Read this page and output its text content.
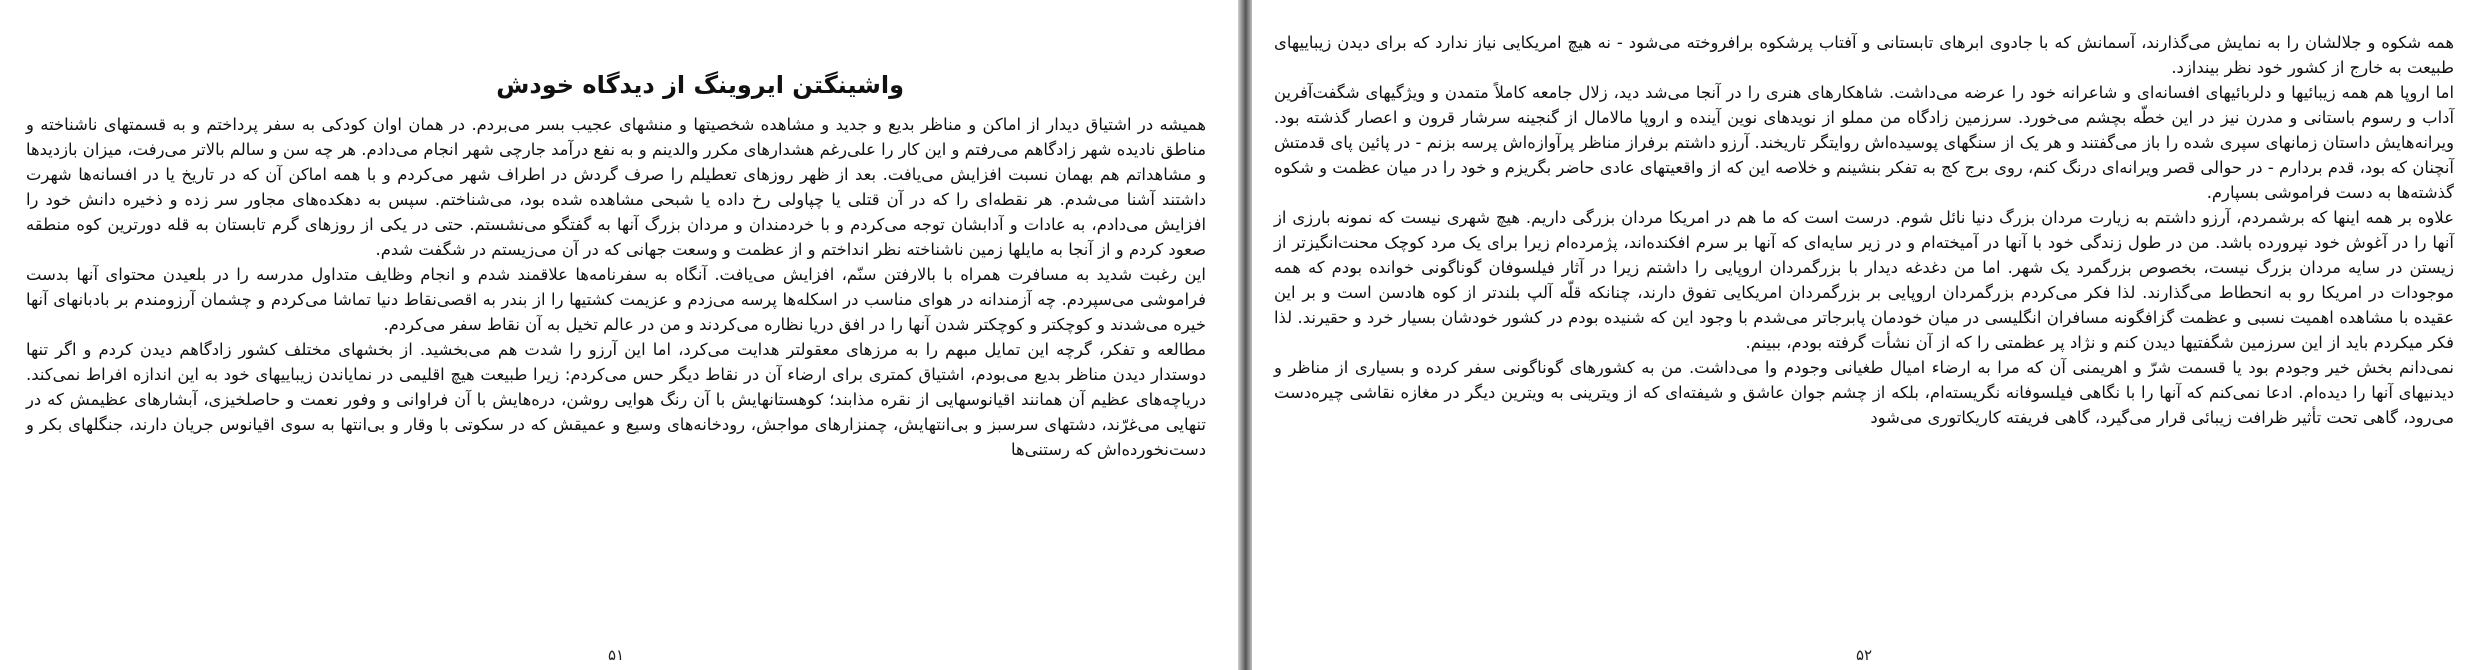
واشینگتن ایروینگ از دیدگاه خودش

همیشه در اشتیاق دیدار از اماکن و مناظر بدیع و جدید و مشاهده شخصیتها و منشهای عجیب بسر می‌بردم. در همان اوان کودکی به سفر پرداختم و به قسمتهای ناشناخته و مناطق نادیده شهر زادگاهم می‌رفتم و این کار را علی‌رغم هشدارهای مکرر والدینم و به نفع درآمد جارچی شهر انجام می‌دادم. هر چه سن و سالم بالاتر می‌رفت، میزان بازدیدها و مشاهداتم هم بهمان نسبت افزایش می‌یافت. بعد از ظهر روزهای تعطیلم را صرف گردش در اطراف شهر می‌کردم و با همه اماکن آن که در تاریخ یا در افسانه‌ها شهرت داشتند آشنا می‌شدم. هر نقطه‌ای را که در آن قتلی یا چپاولی رخ داده یا شبحی مشاهده شده بود، می‌شناختم. سپس به دهکده‌های مجاور سر زده و ذخیره دانش خود را افزایش می‌دادم، به عادات و آدابشان توجه می‌کردم و با خردمندان و مردان بزرگ آنها به گفتگو می‌نشستم. حتی در یکی از روزهای گرم تابستان به قله دورترین کوه منطقه صعود کردم و از آنجا به مایلها زمین ناشناخته نظر انداختم و از عظمت و وسعت جهانی که در آن می‌زیستم در شگفت شدم.

این رغبت شدید به مسافرت همراه با بالارفتن سنّم، افزایش می‌یافت. آنگاه به سفرنامه‌ها علاقمند شدم و انجام وظایف متداول مدرسه را در بلعیدن محتوای آنها بدست فراموشی می‌سپردم. چه آزمندانه در هوای مناسب در اسکله‌ها پرسه می‌زدم و عزیمت کشتیها را از بندر به اقصی‌نقاط دنیا تماشا می‌کردم و چشمان آرزومندم بر بادبانهای آنها خیره می‌شدند و کوچکتر و کوچکتر شدن آنها را در افق دریا نظاره می‌کردند و من در عالم تخیل به آن نقاط سفر می‌کردم.

مطالعه و تفکر، گرچه این تمایل مبهم را به مرزهای معقولتر هدایت می‌کرد، اما این آرزو را شدت هم می‌بخشید. از بخشهای مختلف کشور زادگاهم دیدن کردم و اگر تنها دوستدار دیدن مناظر بدیع می‌بودم، اشتیاق کمتری برای ارضاء آن در نقاط دیگر حس می‌کردم: زیرا طبیعت هیچ اقلیمی در نمایاندن زیباییهای خود به این اندازه افراط نمی‌کند. دریاچه‌های عظیم آن همانند اقیانوسهایی از نقره مذابند؛ کوهستانهایش با آن رنگ هوایی روشن، دره‌هایش با آن فراوانی و وفور نعمت و حاصلخیزی، آبشارهای عظیمش که در تنهایی می‌غرّند، دشتهای سرسبز و بی‌انتهایش، چمنزارهای مواجش، رودخانه‌های وسیع و عمیقش که در سکوتی با وقار و بی‌انتها به سوی اقیانوس جریان دارند، جنگلهای بکر و دست‌نخورده‌اش که رستنی‌ها

۵۱

همه شکوه و جلالشان را به نمایش می‌گذارند، آسمانش که با جادوی ابرهای تابستانی و آفتاب پرشکوه برافروخته می‌شود - نه هیچ امریکایی نیاز ندارد که برای دیدن زیباییهای طبیعت به خارج از کشور خود نظر بیندازد.

اما اروپا هم همه زیبائیها و دلربائیهای افسانه‌ای و شاعرانه خود را عرضه می‌داشت. شاهکارهای هنری را در آنجا می‌شد دید، زلال جامعه کاملاً متمدن و ویژگیهای شگفت‌آفرین آداب و رسوم باستانی و مدرن نیز در این خطّه بچشم می‌خورد. سرزمین زادگاه من مملو از نویدهای نوین آینده و اروپا مالامال از گنجینه سرشار قرون و اعصار گذشته بود. ویرانه‌هایش داستان زمانهای سپری شده را باز می‌گفتند و هر یک از سنگهای پوسیده‌اش روایتگر تاریخند. آرزو داشتم برفراز مناظر پرآوازه‌اش پرسه بزنم - در پائین پای قدمتش آنچنان که بود، قدم بردارم - در حوالی قصر ویرانه‌ای درنگ کنم، روی برج کج به تفکر بنشینم و خلاصه این که از واقعیتهای عادی حاضر بگریزم و خود را در میان عظمت و شکوه گذشته‌ها به دست فراموشی بسپارم.

علاوه بر همه اینها که برشمردم، آرزو داشتم به زیارت مردان بزرگ دنیا نائل شوم. درست است که ما هم در امریکا مردان بزرگی داریم. هیچ شهری نیست که نمونه بارزی از آنها را در آغوش خود نپرورده باشد. من در طول زندگی خود با آنها در آمیخته‌ام و در زیر سایه‌ای که آنها بر سرم افکنده‌اند، پژمرده‌ام زیرا برای یک مرد کوچک محنت‌انگیزتر از زیستن در سایه مردان بزرگ نیست، بخصوص بزرگمرد یک شهر. اما من دغدغه دیدار با بزرگمردان اروپایی را داشتم زیرا در آثار فیلسوفان گوناگونی خوانده بودم که همه موجودات در امریکا رو به انحطاط می‌گذارند. لذا فکر می‌کردم بزرگمردان اروپایی بر بزرگمردان امریکایی تفوق دارند، چنانکه قلّه آلپ بلندتر از کوه هادسن است و بر این عقیده با مشاهده اهمیت نسبی و عظمت گزافگونه مسافران انگلیسی در میان خودمان پابرجاتر می‌شدم با وجود این که شنیده بودم در کشور خودشان بسیار خرد و حقیرند. لذا فکر میکردم باید از این سرزمین شگفتیها دیدن کنم و نژاد پر عظمتی را که از آن نشأت گرفته بودم، ببینم.

نمی‌دانم بخش خیر وجودم بود یا قسمت شرّ و اهریمنی آن که مرا به ارضاء امیال طغیانی وجودم وا می‌داشت. من به کشورهای گوناگونی سفر کرده و بسیاری از مناظر و دیدنیهای آنها را دیده‌ام. ادعا نمی‌کنم که آنها را با نگاهی فیلسوفانه نگریسته‌ام، بلکه از چشم جوان عاشق و شیفته‌ای که از ویترینی به ویترین دیگر در مغازه نقاشی چیره‌دست می‌رود، گاهی تحت تأثیر ظرافت زیبائی قرار می‌گیرد، گاهی فریفته کاریکاتوری می‌شود

۵۲
